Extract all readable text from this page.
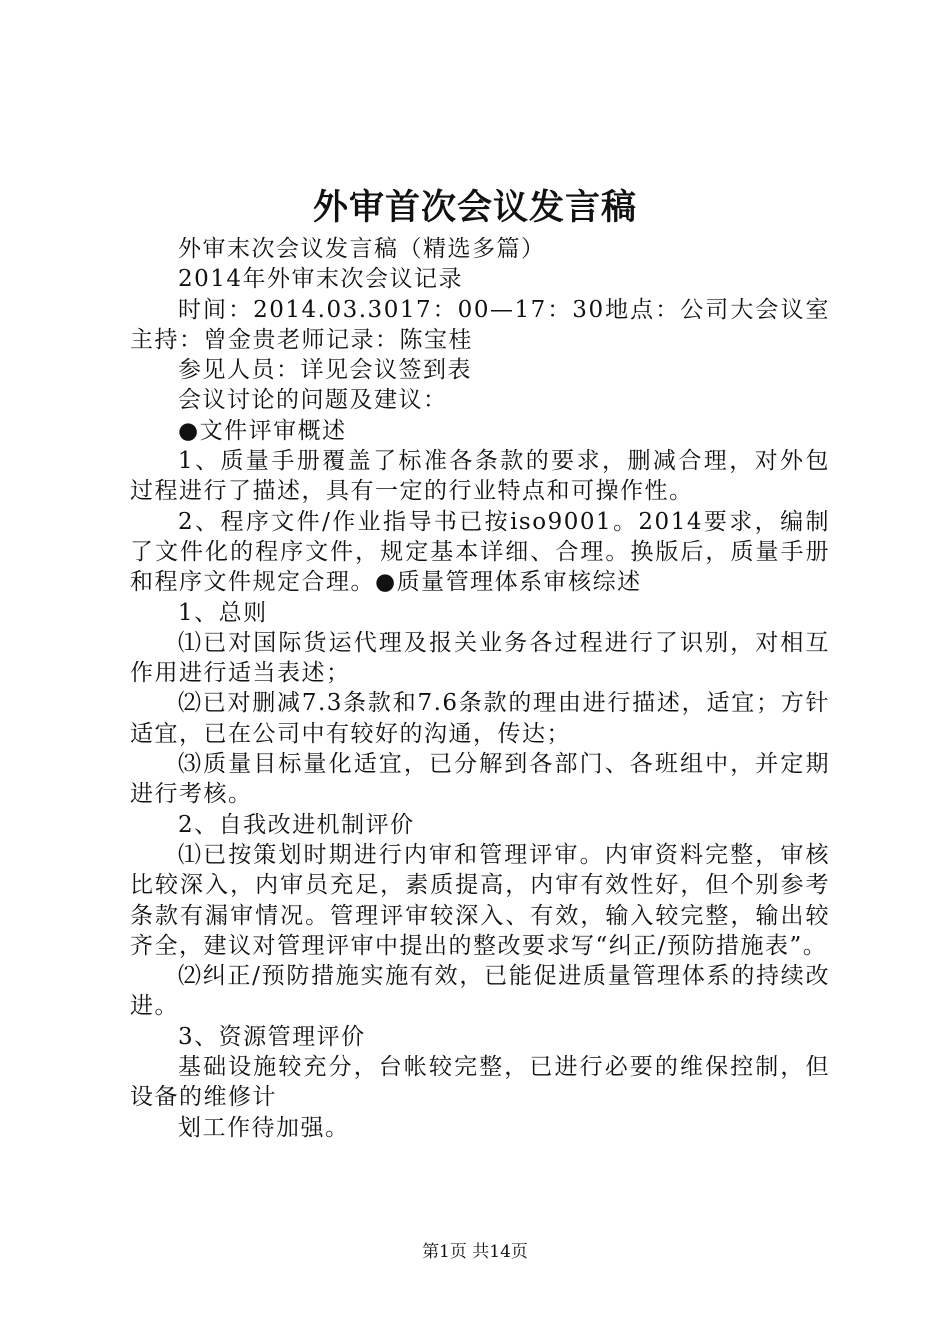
外审首次会议发言稿

外审末次会议发言稿（精选多篇）

2014年外审末次会议记录

时间：2014.03.3017：00—17：30地点：公司大会议室主持：曾金贵老师记录：陈宝桂

参见人员：详见会议签到表

会议讨论的问题及建议：

●文件评审概述

1、质量手册覆盖了标准各条款的要求，删减合理，对外包过程进行了描述，具有一定的行业特点和可操作性。

2、程序文件/作业指导书已按iso9001。2014要求，编制了文件化的程序文件，规定基本详细、合理。换版后，质量手册和程序文件规定合理。●质量管理体系审核综述

1、总则

⑴已对国际货运代理及报关业务各过程进行了识别，对相互作用进行适当表述；

⑵已对删减7.3条款和7.6条款的理由进行描述，适宜；方针适宜，已在公司中有较好的沟通，传达；

⑶质量目标量化适宜，已分解到各部门、各班组中，并定期进行考核。

2、自我改进机制评价

⑴已按策划时期进行内审和管理评审。内审资料完整，审核比较深入，内审员充足，素质提高，内审有效性好，但个别参考条款有漏审情况。管理评审较深入、有效，输入较完整，输出较齐全，建议对管理评审中提出的整改要求写“纠正/预防措施表”。

⑵纠正/预防措施实施有效，已能促进质量管理体系的持续改进。

3、资源管理评价

基础设施较充分，台帐较完整，已进行必要的维保控制，但设备的维修计

划工作待加强。

第1页 共14页
